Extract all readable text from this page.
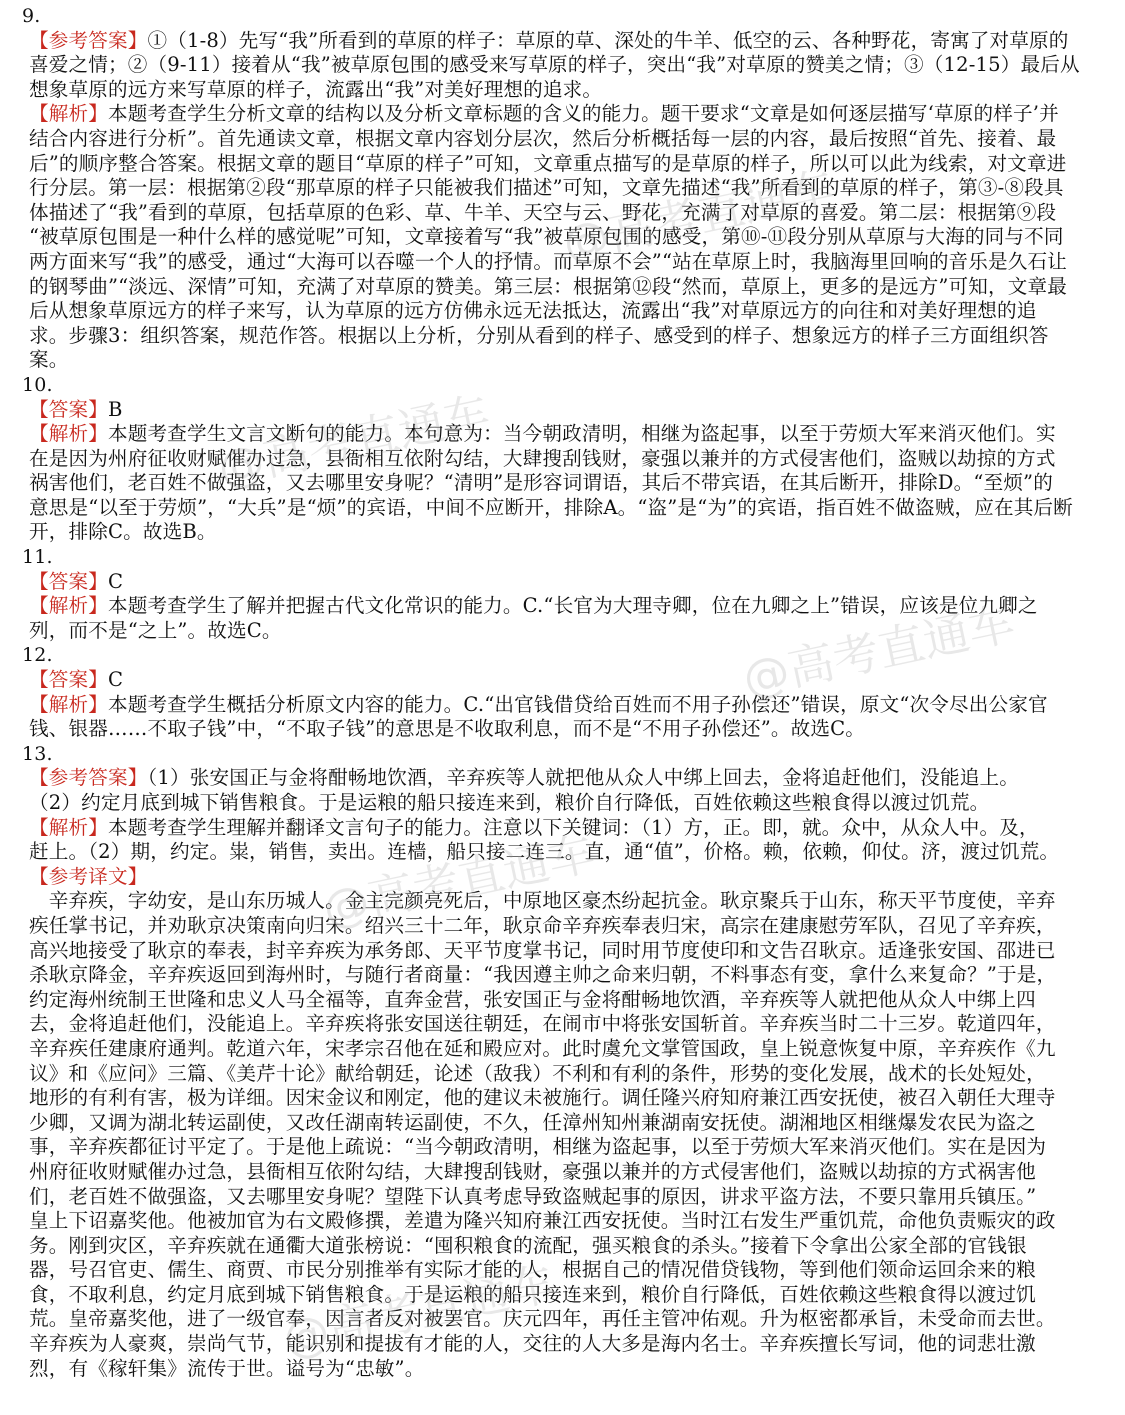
9.
【参考答案】①（1-8）先写“我”所看到的草原的样子：草原的草、深处的牛羊、低空的云、各种野花，寄寓了对草原的
喜爱之情；②（9-11）接着从“我”被草原包围的感受来写草原的样子，突出“我”对草原的赞美之情；③（12-15）最后从
想象草原的远方来写草原的样子，流露出“我”对美好理想的追求。
【解析】本题考查学生分析文章的结构以及分析文章标题的含义的能力。题干要求“文章是如何逐层描写‘草原的样子’并
结合内容进行分析”。首先通读文章，根据文章内容划分层次，然后分析概括每一层的内容，最后按照“首先、接着、最
后”的顺序整合答案。根据文章的题目“草原的样子”可知，文章重点描写的是草原的样子，所以可以此为线索，对文章进
行分层。第一层：根据第②段“那草原的样子只能被我们描述”可知，文章先描述“我”所看到的草原的样子，第③-⑧段具
体描述了“我”看到的草原，包括草原的色彩、草、牛羊、天空与云、野花，充满了对草原的喜爱。第二层：根据第⑨段
“被草原包围是一种什么样的感觉呢”可知，文章接着写“我”被草原包围的感受，第⑩-⑪段分别从草原与大海的同与不同
两方面来写“我”的感受，通过“大海可以吞噬一个人的抒情。而草原不会”“站在草原上时，我脑海里回响的音乐是久石让
的钢琴曲”“淡远、深情”可知，充满了对草原的赞美。第三层：根据第⑫段“然而，草原上，更多的是远方”可知，文章最
后从想象草原远方的样子来写，认为草原的远方仿佛永远无法抵达，流露出“我”对草原远方的向往和对美好理想的追
求。步骤3：组织答案，规范作答。根据以上分析，分别从看到的样子、感受到的样子、想象远方的样子三方面组织答
案。
10.
【答案】B
【解析】本题考查学生文言文断句的能力。本句意为：当今朝政清明，相继为盗起事，以至于劳烦大军来消灭他们。实
在是因为州府征收财赋催办过急，县衙相互依附勾结，大肆搜刮钱财，豪强以兼并的方式侵害他们，盗贼以劫掠的方式
祸害他们，老百姓不做强盗，又去哪里安身呢？“清明”是形容词谓语，其后不带宾语，在其后断开，排除D。“至烦”的
意思是“以至于劳烦”，“大兵”是“烦”的宾语，中间不应断开，排除A。“盗”是“为”的宾语，指百姓不做盗贼，应在其后断
开，排除C。故选B。
11.
【答案】C
【解析】本题考查学生了解并把握古代文化常识的能力。C.“长官为大理寺卿，位在九卿之上”错误，应该是位九卿之
列，而不是“之上”。故选C。
12.
【答案】C
【解析】本题考查学生概括分析原文内容的能力。C.“出官钱借贷给百姓而不用子孙偿还”错误，原文“次令尽出公家官
钱、银器……不取子钱”中，“不取子钱”的意思是不收取利息，而不是“不用子孙偿还”。故选C。
13.
【参考答案】（1）张安国正与金将酣畅地饮酒，辛弃疾等人就把他从众人中绑上回去，金将追赶他们，没能追上。
（2）约定月底到城下销售粮食。于是运粮的船只接连来到，粮价自行降低，百姓依赖这些粮食得以渡过饥荒。
【解析】本题考查学生理解并翻译文言句子的能力。注意以下关键词：（1）方，正。即，就。众中，从众人中。及，
赶上。（2）期，约定。粜，销售，卖出。连樯，船只接二连三。直，通“值”，价格。赖，依赖，仰仗。济，渡过饥荒。
【参考译文】
　辛弃疾，字幼安，是山东历城人。金主完颜亮死后，中原地区豪杰纷起抗金。耿京聚兵于山东，称天平节度使，辛弃
疾任掌书记，并劝耿京决策南向归宋。绍兴三十二年，耿京命辛弃疾奉表归宋，高宗在建康慰劳军队，召见了辛弃疾，
高兴地接受了耿京的奉表，封辛弃疾为承务郎、天平节度掌书记，同时用节度使印和文告召耿京。适逢张安国、邵进已
杀耿京降金，辛弃疾返回到海州时，与随行者商量：“我因遵主帅之命来归朝，不料事态有变，拿什么来复命？”于是，
约定海州统制王世隆和忠义人马全福等，直奔金营，张安国正与金将酣畅地饮酒，辛弃疾等人就把他从众人中绑上四
去，金将追赶他们，没能追上。辛弃疾将张安国送往朝廷，在闹市中将张安国斩首。辛弃疾当时二十三岁。乾道四年，
辛弃疾任建康府通判。乾道六年，宋孝宗召他在延和殿应对。此时虞允文掌管国政，皇上锐意恢复中原，辛弃疾作《九
议》和《应问》三篇、《美芹十论》献给朝廷，论述（敌我）不利和有利的条件，形势的变化发展，战术的长处短处，
地形的有利有害，极为详细。因宋金议和刚定，他的建议未被施行。调任隆兴府知府兼江西安抚使，被召入朝任大理寺
少卿，又调为湖北转运副使，又改任湖南转运副使，不久，任漳州知州兼湖南安抚使。湖湘地区相继爆发农民为盗之
事，辛弃疾都征讨平定了。于是他上疏说：“当今朝政清明，相继为盗起事，以至于劳烦大军来消灭他们。实在是因为
州府征收财赋催办过急，县衙相互依附勾结，大肆搜刮钱财，豪强以兼并的方式侵害他们，盗贼以劫掠的方式祸害他
们，老百姓不做强盗，又去哪里安身呢？望陛下认真考虑导致盗贼起事的原因，讲求平盗方法，不要只靠用兵镇压。”
皇上下诏嘉奖他。他被加官为右文殿修撰，差遣为隆兴知府兼江西安抚使。当时江右发生严重饥荒，命他负责赈灾的政
务。刚到灾区，辛弃疾就在通衢大道张榜说：“囤积粮食的流配，强买粮食的杀头。”接着下令拿出公家全部的官钱银
器，号召官吏、儒生、商贾、市民分别推举有实际才能的人，根据自己的情况借贷钱物，等到他们领命运回余来的粮
食，不取利息，约定月底到城下销售粮食。于是运粮的船只接连来到，粮价自行降低，百姓依赖这些粮食得以渡过饥
荒。皇帝嘉奖他，进了一级官奉，因言者反对被罢官。庆元四年，再任主管冲佑观。升为枢密都承旨，未受命而去世。
辛弃疾为人豪爽，崇尚气节，能识别和提拔有才能的人，交往的人大多是海内名士。辛弃疾擅长写词，他的词悲壮激
烈，有《稼轩集》流传于世。谥号为“忠敏”。
@高考直通车
@高考直通车
@高考直通车
@高考直通车
@高考直通车
